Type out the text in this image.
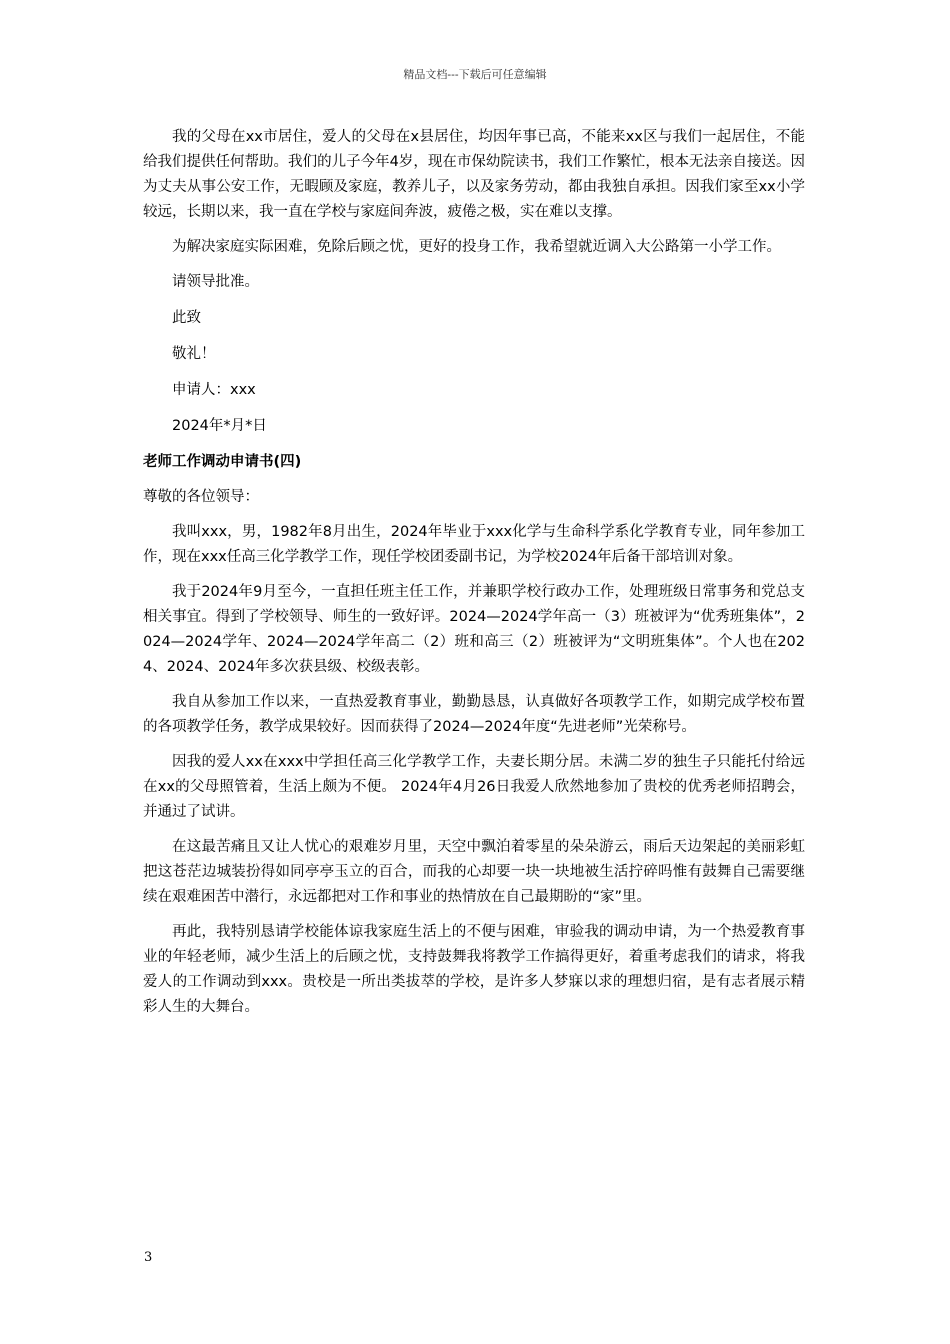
精品文档---下载后可任意编辑

我的父母在xx市居住，爱人的父母在x县居住，均因年事已高，不能来xx区与我们一起居住，不能给我们提供任何帮助。我们的儿子今年4岁，现在市保幼院读书，我们工作繁忙，根本无法亲自接送。因为丈夫从事公安工作，无暇顾及家庭，教养儿子，以及家务劳动，都由我独自承担。因我们家至xx小学较远，长期以来，我一直在学校与家庭间奔波，疲倦之极，实在难以支撑。

为解决家庭实际困难，免除后顾之忧，更好的投身工作，我希望就近调入大公路第一小学工作。

请领导批准。

此致

敬礼！

申请人：xxx

2024年*月*日

老师工作调动申请书(四)

尊敬的各位领导：

我叫xxx，男，1982年8月出生，2024年毕业于xxx化学与生命科学系化学教育专业，同年参加工作，现在xxx任高三化学教学工作，现任学校团委副书记，为学校2024年后备干部培训对象。

我于2024年9月至今，一直担任班主任工作，并兼职学校行政办工作，处理班级日常事务和党总支相关事宜。得到了学校领导、师生的一致好评。2024—2024学年高一（3）班被评为“优秀班集体”，2024—2024学年、2024—2024学年高二（2）班和高三（2）班被评为“文明班集体”。个人也在2024、2024、2024年多次获县级、校级表彰。

我自从参加工作以来，一直热爱教育事业，勤勤恳恳，认真做好各项教学工作，如期完成学校布置的各项教学任务，教学成果较好。因而获得了2024—2024年度“先进老师”光荣称号。

因我的爱人xx在xxx中学担任高三化学教学工作，夫妻长期分居。未满二岁的独生子只能托付给远在xx的父母照管着，生活上颇为不便。 2024年4月26日我爱人欣然地参加了贵校的优秀老师招聘会，并通过了试讲。

在这最苦痛且又让人忧心的艰难岁月里，天空中飘泊着零星的朵朵游云，雨后天边架起的美丽彩虹把这苍茫边城装扮得如同亭亭玉立的百合，而我的心却要一块一块地被生活拧碎吗惟有鼓舞自己需要继续在艰难困苦中潜行，永远都把对工作和事业的热情放在自己最期盼的“家”里。

再此，我特别恳请学校能体谅我家庭生活上的不便与困难，审验我的调动申请，为一个热爱教育事业的年轻老师，减少生活上的后顾之忧，支持鼓舞我将教学工作搞得更好，着重考虑我们的请求，将我爱人的工作调动到xxx。贵校是一所出类拔萃的学校，是许多人梦寐以求的理想归宿，是有志者展示精彩人生的大舞台。

3
